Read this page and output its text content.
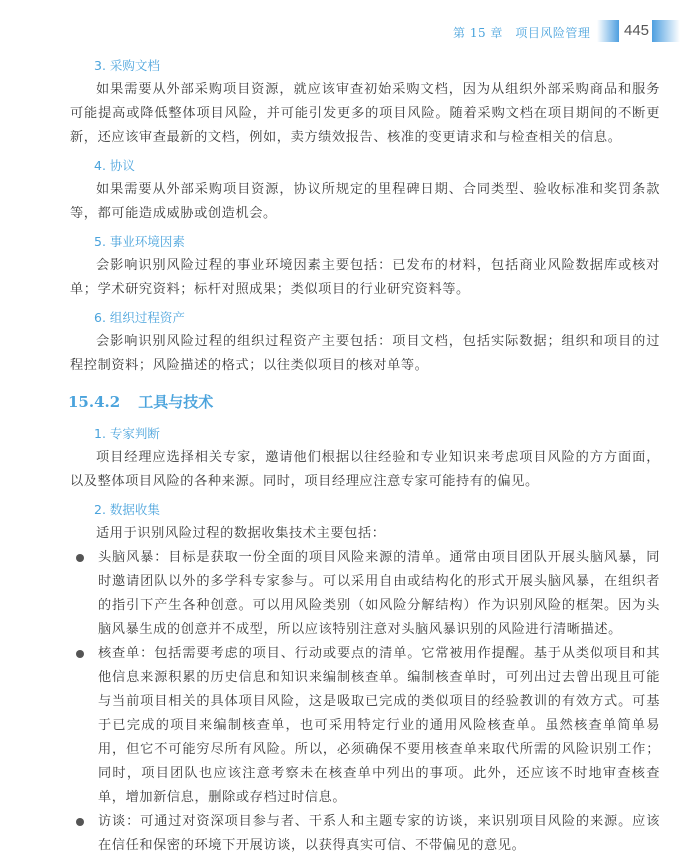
第 15 章　项目风险管理 445
3. 采购文档

如果需要从外部采购项目资源，就应该审查初始采购文档，因为从组织外部采购商品和服务可能提高或降低整体项目风险，并可能引发更多的项目风险。随着采购文档在项目期间的不断更新，还应该审查最新的文档，例如，卖方绩效报告、核准的变更请求和与检查相关的信息。

4. 协议

如果需要从外部采购项目资源，协议所规定的里程碑日期、合同类型、验收标准和奖罚条款等，都可能造成威胁或创造机会。

5. 事业环境因素

会影响识别风险过程的事业环境因素主要包括：已发布的材料，包括商业风险数据库或核对单；学术研究资料；标杆对照成果；类似项目的行业研究资料等。

6. 组织过程资产

会影响识别风险过程的组织过程资产主要包括：项目文档，包括实际数据；组织和项目的过程控制资料；风险描述的格式；以往类似项目的核对单等。

15.4.2 工具与技术
1. 专家判断

项目经理应选择相关专家，邀请他们根据以往经验和专业知识来考虑项目风险的方方面面，以及整体项目风险的各种来源。同时，项目经理应注意专家可能持有的偏见。

2. 数据收集

适用于识别风险过程的数据收集技术主要包括：

头脑风暴：目标是获取一份全面的项目风险来源的清单。通常由项目团队开展头脑风暴，同时邀请团队以外的多学科专家参与。可以采用自由或结构化的形式开展头脑风暴，在组织者的指引下产生各种创意。可以用风险类别（如风险分解结构）作为识别风险的框架。因为头脑风暴生成的创意并不成型，所以应该特别注意对头脑风暴识别的风险进行清晰描述。
核查单：包括需要考虑的项目、行动或要点的清单。它常被用作提醒。基于从类似项目和其他信息来源积累的历史信息和知识来编制核查单。编制核查单时，可列出过去曾出现且可能与当前项目相关的具体项目风险，这是吸取已完成的类似项目的经验教训的有效方式。可基于已完成的项目来编制核查单，也可采用特定行业的通用风险核查单。虽然核查单简单易用，但它不可能穷尽所有风险。所以，必须确保不要用核查单来取代所需的风险识别工作；同时，项目团队也应该注意考察未在核查单中列出的事项。此外，还应该不时地审查核查单，增加新信息，删除或存档过时信息。
访谈：可通过对资深项目参与者、干系人和主题专家的访谈，来识别项目风险的来源。应该在信任和保密的环境下开展访谈，以获得真实可信、不带偏见的意见。
